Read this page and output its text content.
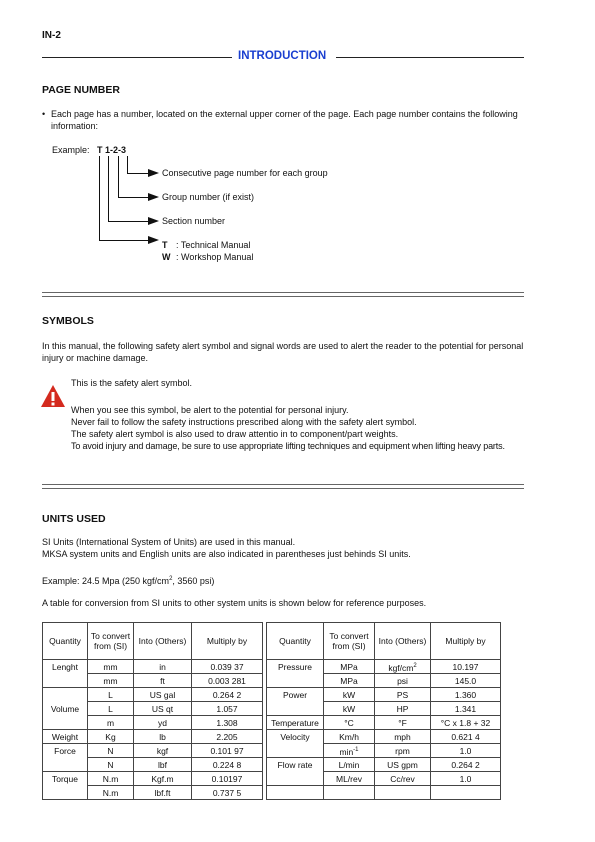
IN-2
INTRODUCTION
PAGE NUMBER
• Each page has a number, located on the external upper corner of the page. Each page number contains the following information:
Example: T 1-2-3
Consecutive page number for each group
Group number (if exist)
Section number
T : Technical Manual
W : Workshop Manual
SYMBOLS
In this manual, the following safety alert symbol and signal words are used to alert the reader to the potential for personal injury or machine damage.
This is the safety alert symbol.
When you see this symbol, be alert to the potential for personal injury.
Never fail to follow the safety instructions prescribed along with the safety alert symbol.
The safety alert symbol is also used to draw attentio in to component/part weights.
To avoid injury and damage, be sure to use appropriate lifting techniques and equipment when lifting heavy parts.
UNITS USED
SI Units (International System of Units) are used in this manual.
MKSA system units and English units are also indicated in parentheses just behinds SI units.
Example: 24.5 Mpa (250 kgf/$cm^2$, 3560 psi)
A table for conversion from SI units to other system units is shown below for reference purposes.
Quantity	To convert from (SI)	Into (Others)	Multiply by		Quantity	To convert from (SI)	Into (Others)	Multiply by
Lenght	mm	in	0.039 37		Pressure	MPa	kgf/$cm^2$	10.197
	mm	ft	0.003 281			MPa	psi	145.0
	L	US gal	0.264 2		Power	kW	PS	1.360
Volume	L	US qt	1.057			kW	HP	1.341
	m	yd	1.308		Temperature	°C	°F	°C x 1.8 + 32
Weight	Kg	lb	2.205		Velocity	Km/h	mph	0.621 4
Force	N	kgf	0.101 97			$\min^{-1}$	rpm	1.0
	N	lbf	0.224 8		Flow rate	L/min	US gpm	0.264 2
Torque	N.m	Kgf.m	0.10197			ML/rev	Cc/rev	1.0
	N.m	lbf.ft	0.737 5					
